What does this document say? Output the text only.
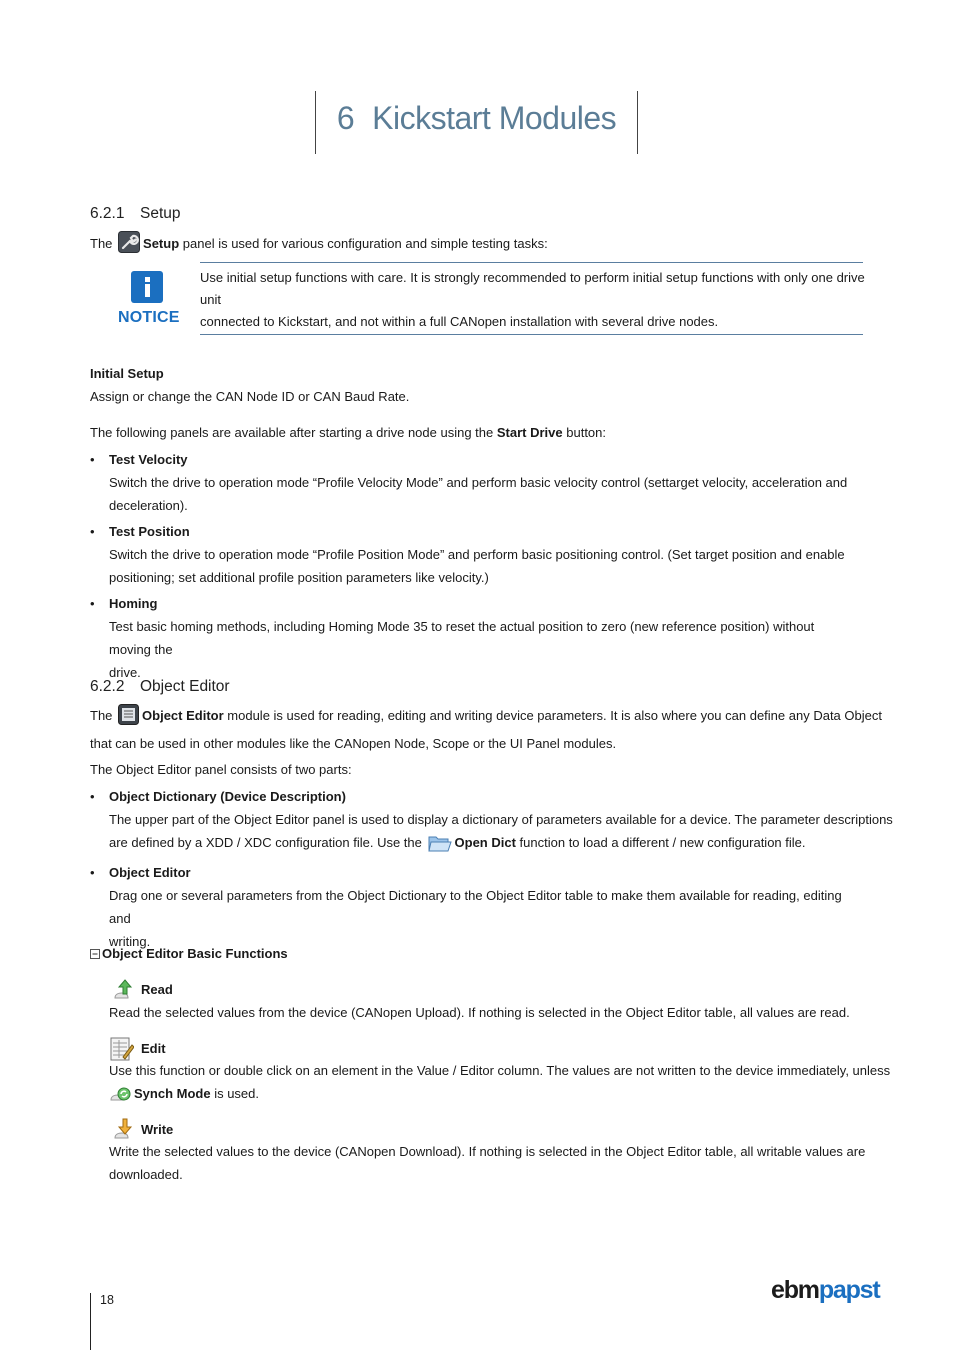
6 Kickstart Modules
6.2.1 Setup
The Setup panel is used for various configuration and simple testing tasks:
NOTICE
Use initial setup functions with care. It is strongly recommended to perform initial setup functions with only one drive unit
connected to Kickstart, and not within a full CANopen installation with several drive nodes.
Initial Setup
Assign or change the CAN Node ID or CAN Baud Rate.
The following panels are available after starting a drive node using the Start Drive button:
• Test Velocity
Switch the drive to operation mode “Profile Velocity Mode” and perform basic velocity control (settarget velocity, acceleration and
deceleration).
• Test Position
Switch the drive to operation mode “Profile Position Mode” and perform basic positioning control. (Set target position and enable
positioning; set additional profile position parameters like velocity.)
• Homing
Test basic homing methods, including Homing Mode 35 to reset the actual position to zero (new reference position) without moving the
drive.
6.2.2 Object Editor
The Object Editor module is used for reading, editing and writing device parameters. It is also where you can define any Data Object
that can be used in other modules like the CANopen Node, Scope or the UI Panel modules.
The Object Editor panel consists of two parts:
• Object Dictionary (Device Description)
The upper part of the Object Editor panel is used to display a dictionary of parameters available for a device. The parameter descriptions
are defined by a XDD / XDC configuration file. Use the	Open Dict function to load a different / new configuration file.
• Object Editor
Drag one or several parameters from the Object Dictionary to the Object Editor table to make them available for reading, editing and
writing.
Object Editor Basic Functions
Read
Read the selected values from the device (CANopen Upload). If nothing is selected in the Object Editor table, all values are read.
Edit
Use this function or double click on an element in the Value / Editor column. The values are not written to the device immediately, unless
Synch Mode is used.
Write
Write the selected values to the device (CANopen Download). If nothing is selected in the Object Editor table, all writable values are
downloaded.
18	ebmpapst
